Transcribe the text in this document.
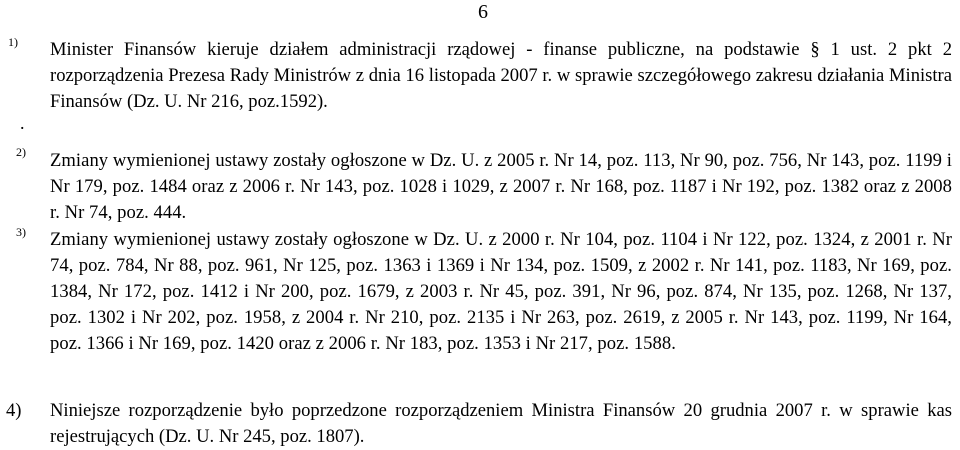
6
1) Minister Finansów kieruje działem administracji rządowej - finanse publiczne, na podstawie § 1 ust. 2 pkt 2 rozporządzenia Prezesa Rady Ministrów z dnia 16 listopada 2007 r. w sprawie szczegółowego zakresu działania Ministra Finansów (Dz. U. Nr 216, poz.1592).
.
2) Zmiany wymienionej ustawy zostały ogłoszone w Dz. U. z 2005 r. Nr 14, poz. 113, Nr 90, poz. 756, Nr 143, poz. 1199 i Nr 179, poz. 1484 oraz z 2006 r. Nr 143, poz. 1028 i 1029, z 2007 r. Nr 168, poz. 1187 i Nr 192, poz. 1382 oraz z 2008 r. Nr 74, poz. 444.
3) Zmiany wymienionej ustawy zostały ogłoszone w Dz. U. z 2000 r. Nr 104, poz. 1104 i Nr 122, poz. 1324, z 2001 r. Nr 74, poz. 784, Nr 88, poz. 961, Nr 125, poz. 1363 i 1369 i Nr 134, poz. 1509, z 2002 r. Nr 141, poz. 1183, Nr 169, poz. 1384, Nr 172, poz. 1412 i Nr 200, poz. 1679, z 2003 r. Nr 45, poz. 391, Nr 96, poz. 874, Nr 135, poz. 1268, Nr 137, poz. 1302 i Nr 202, poz. 1958, z 2004 r. Nr 210, poz. 2135 i Nr 263, poz. 2619, z 2005 r. Nr 143, poz. 1199, Nr 164, poz. 1366 i Nr 169, poz. 1420 oraz z 2006 r. Nr 183, poz. 1353 i Nr 217, poz. 1588.
4) Niniejsze rozporządzenie było poprzedzone rozporządzeniem Ministra Finansów 20 grudnia 2007 r. w sprawie kas rejestrujących (Dz. U. Nr 245, poz. 1807).
